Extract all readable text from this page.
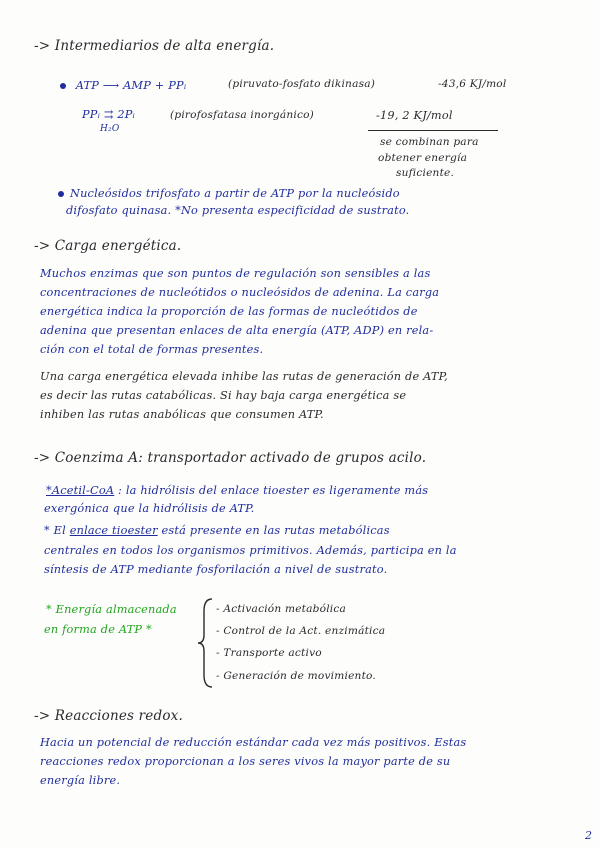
-> Intermediarios de alta energía.
ATP ⟶ AMP + PPᵢ	(piruvato-fosfato dikinasa)	-43,6 KJ/mol
PPᵢ ⇉ 2Pᵢ
H₂O
(pirofosfatasa inorgánico)	-19, 2 KJ/mol
se combinan para
obtener energía
suficiente.
Nucleósidos trifosfato a partir de ATP por la nucleósido
difosfato quinasa. *No presenta especificidad de sustrato.
-> Carga energética.
Muchos enzimas que son puntos de regulación son sensibles a las
concentraciones de nucleótidos o nucleósidos de adenina. La carga
energética indica la proporción de las formas de nucleótidos de
adenina que presentan enlaces de alta energía (ATP, ADP) en rela-
ción con el total de formas presentes.
Una carga energética elevada inhibe las rutas de generación de ATP,
es decir las rutas catabólicas. Si hay baja carga energética se
inhiben las rutas anabólicas que consumen ATP.
-> Coenzima A: transportador activado de grupos acilo.
*Acetil-CoA : la hidrólisis del enlace tioester es ligeramente más
exergónica que la hidrólisis de ATP.
* El enlace tioester está presente en las rutas metabólicas
centrales en todos los organismos primitivos. Además, participa en la
síntesis de ATP mediante fosforilación a nivel de sustrato.
* Energía almacenada
en forma de ATP *
- Activación metabólica
- Control de la Act. enzimática
- Transporte activo
- Generación de movimiento.
-> Reacciones redox.
Hacia un potencial de reducción estándar cada vez más positivos. Estas
reacciones redox proporcionan a los seres vivos la mayor parte de su
energía libre.
2
